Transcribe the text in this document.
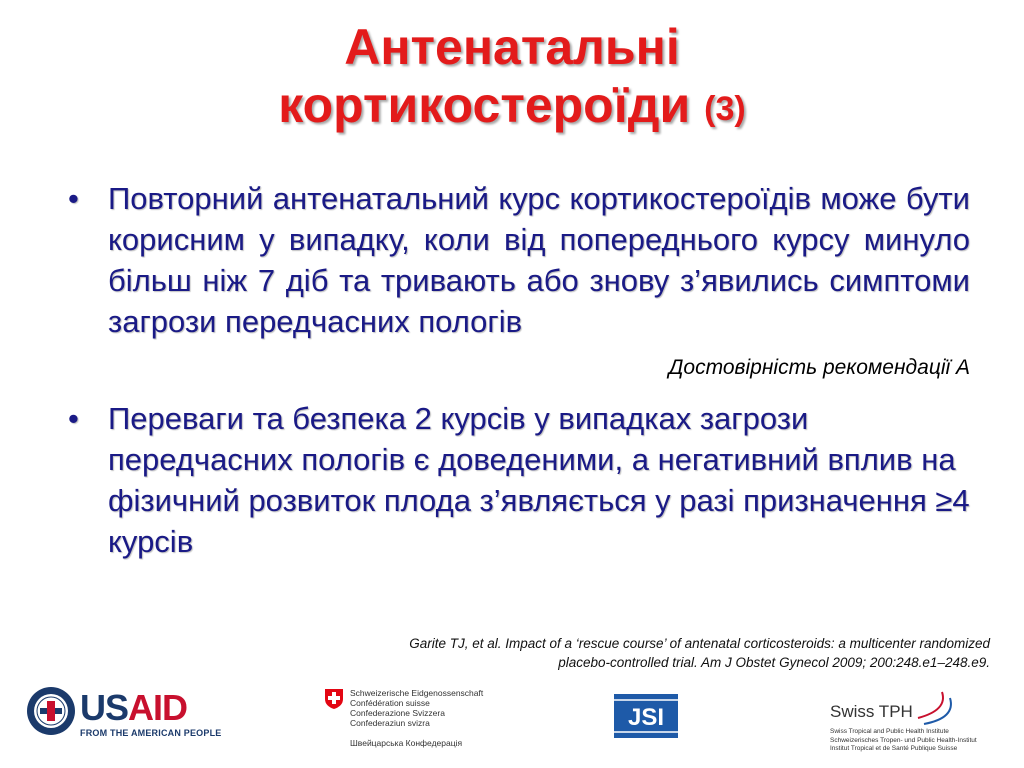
Антенатальні
кортикостероїди (3)
• Повторний антенатальний курс кортикостероїдів може бути корисним у випадку, коли від попереднього курсу минуло більш ніж 7 діб та тривають або знову з’явились симптоми загрози передчасних пологів
Достовірність рекомендації А
• Переваги та безпека 2 курсів у випадках загрози передчасних пологів є доведеними, а негативний вплив на фізичний розвиток плода з’являється у разі призначення ≥4 курсів
Garite TJ, et al. Impact of a ‘rescue course’ of antenatal corticosteroids: a multicenter randomized
placebo-controlled trial. Am J Obstet Gynecol 2009; 200:248.e1–248.e9.
USAID
FROM THE AMERICAN PEOPLE
Schweizerische Eidgenossenschaft
Confédération suisse
Confederazione Svizzera
Confederaziun svizra
Швейцарська Конфедерація
JSI	Swiss TPH
Swiss Tropical and Public Health Institute
Schweizerisches Tropen- und Public Health-Institut
Institut Tropical et de Santé Publique Suisse
